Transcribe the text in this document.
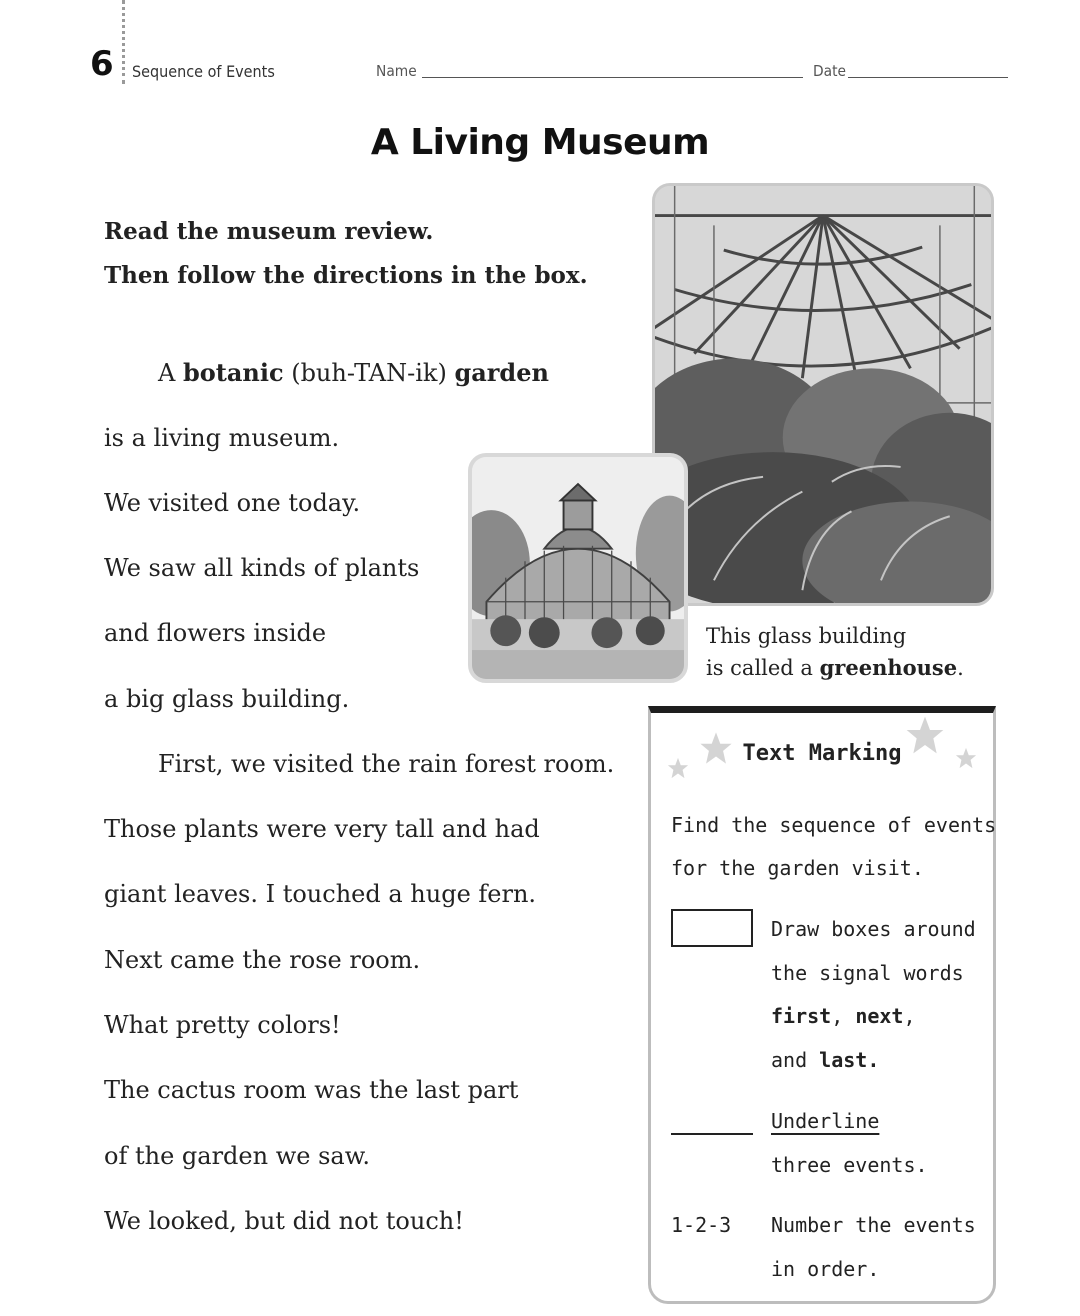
6 Sequence of Events	Name	Date
A Living Museum
Read the museum review.
Then follow the directions in the box.
A botanic (buh-TAN-ik) garden
is a living museum.
We visited one today.
We saw all kinds of plants
and flowers inside
a big glass building.
First, we visited the rain forest room.
Those plants were very tall and had
giant leaves. I touched a huge fern.
Next came the rose room.
What pretty colors!
The cactus room was the last part
of the garden we saw.
We looked, but did not touch!
This glass building
is called a greenhouse.
Text Marking
Find the sequence of events
for the garden visit.
Draw boxes around
the signal words
first, next,
and last.
Underline
three events.
1-2-3 Number the events
in order.
